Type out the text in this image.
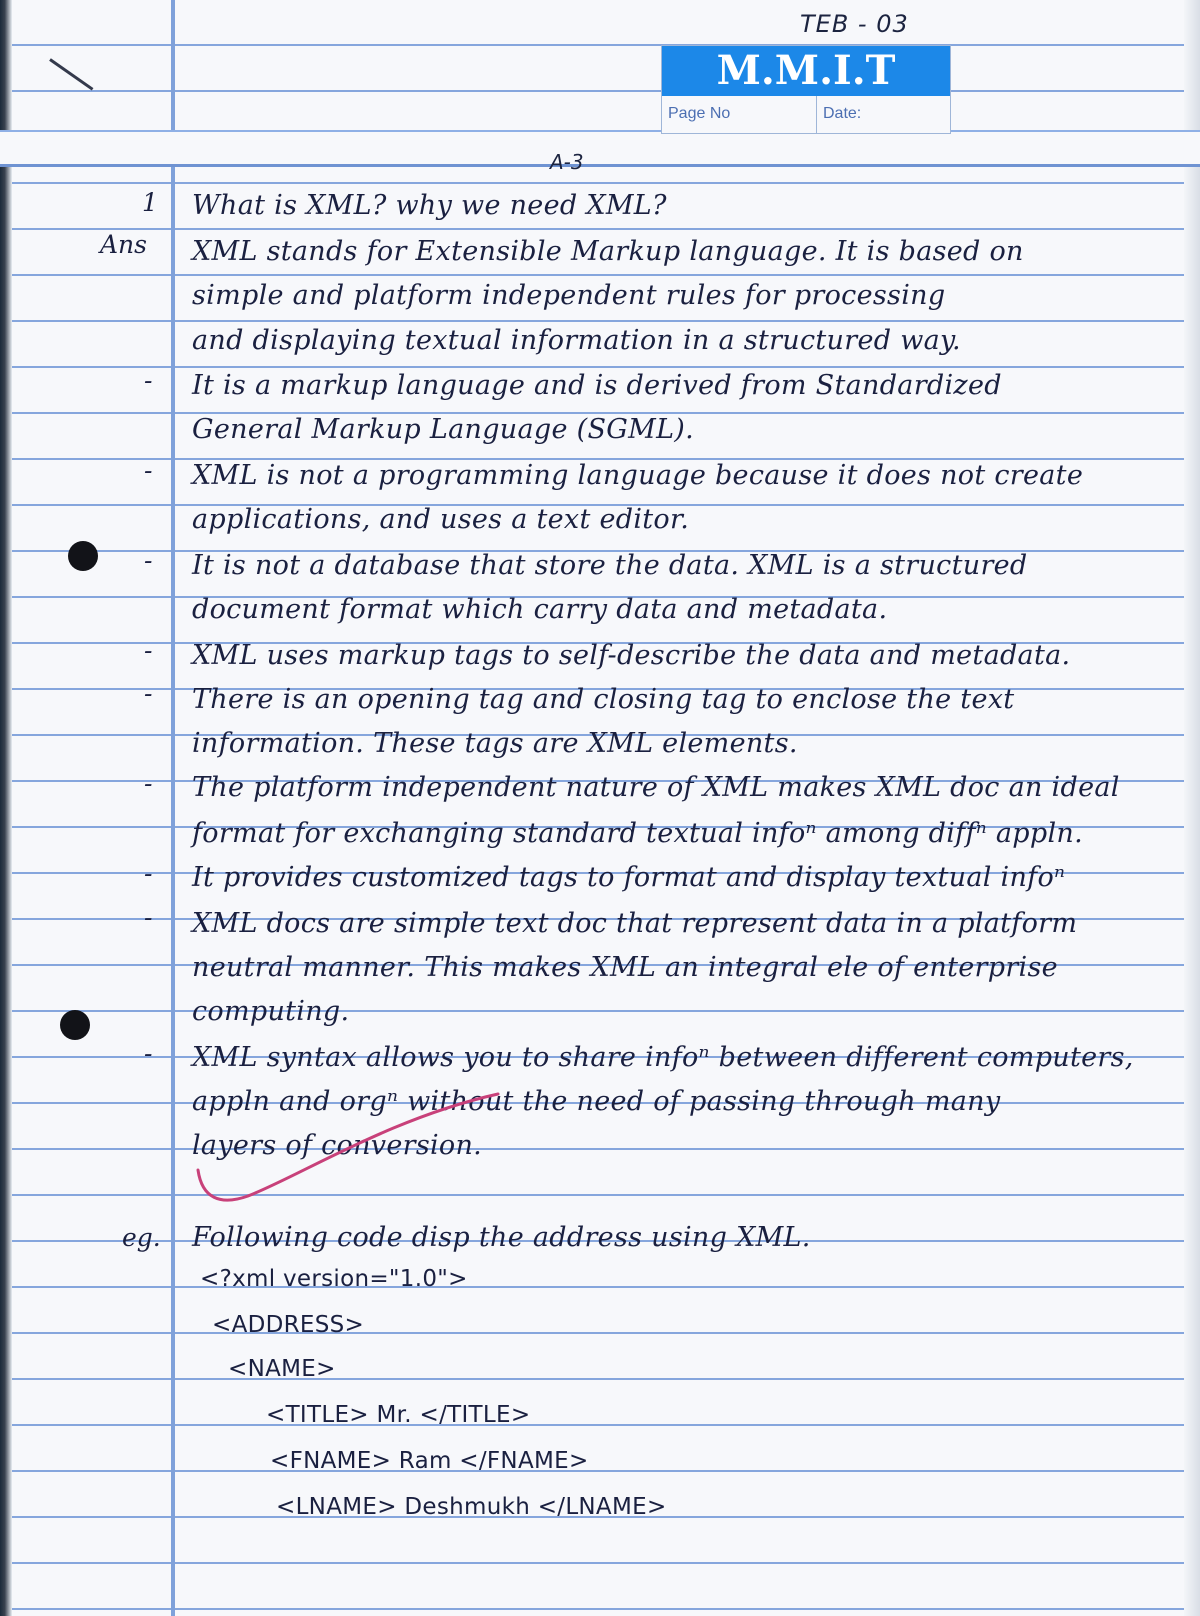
TEB - 03
M.M.I.T
Page No	Date:
A-3
1
Ans
-
-
-
-
-
-
-
-
-
eg.
What is XML? why we need XML?
XML stands for Extensible Markup language. It is based on
simple and platform independent rules for processing
and displaying textual information in a structured way.
It is a markup language and is derived from Standardized
General Markup Language (SGML).
XML is not a programming language because it does not create
applications, and uses a text editor.
It is not a database that store the data. XML is a structured
document format which carry data and metadata.
XML uses markup tags to self-describe the data and metadata.
There is an opening tag and closing tag to enclose the text
information. These tags are XML elements.
The platform independent nature of XML makes XML doc an ideal
format for exchanging standard textual infoⁿ among diffⁿ appln.
It provides customized tags to format and display textual infoⁿ
XML docs are simple text doc that represent data in a platform
neutral manner. This makes XML an integral ele of enterprise
computing.
XML syntax allows you to share infoⁿ between different computers,
appln and orgⁿ without the need of passing through many
layers of conversion.
Following code disp the address using XML.
<?xml version="1.0">
<ADDRESS>
<NAME>
<TITLE> Mr. </TITLE>
<FNAME> Ram </FNAME>
<LNAME> Deshmukh </LNAME>
